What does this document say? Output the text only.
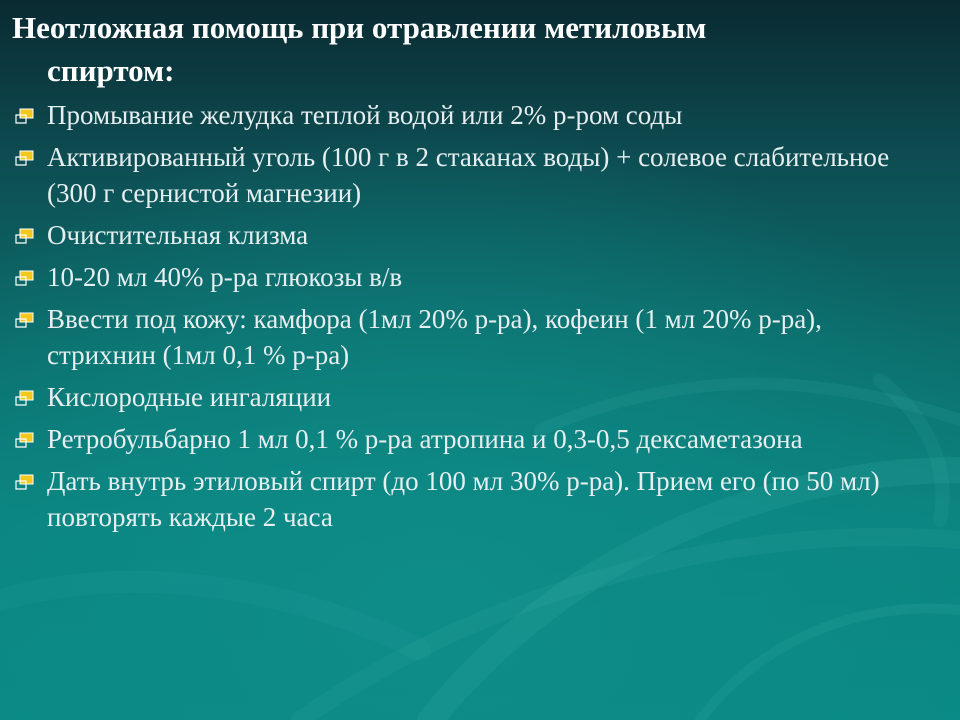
Неотложная помощь при отравлении метиловым
спиртом:
Промывание желудка теплой водой или 2% р-ром соды
Активированный уголь (100 г в 2 стаканах воды) + солевое слабительное (300 г сернистой магнезии)
Очистительная клизма
10-20 мл 40% р-ра глюкозы в/в
Ввести под кожу: камфора (1мл 20% р-ра), кофеин (1 мл 20% р-ра), стрихнин (1мл 0,1 % р-ра)
Кислородные ингаляции
Ретробульбарно 1 мл 0,1 % р-ра атропина и 0,3-0,5 дексаметазона
Дать внутрь этиловый спирт (до 100 мл 30% р-ра). Прием его (по 50 мл) повторять каждые 2 часа
